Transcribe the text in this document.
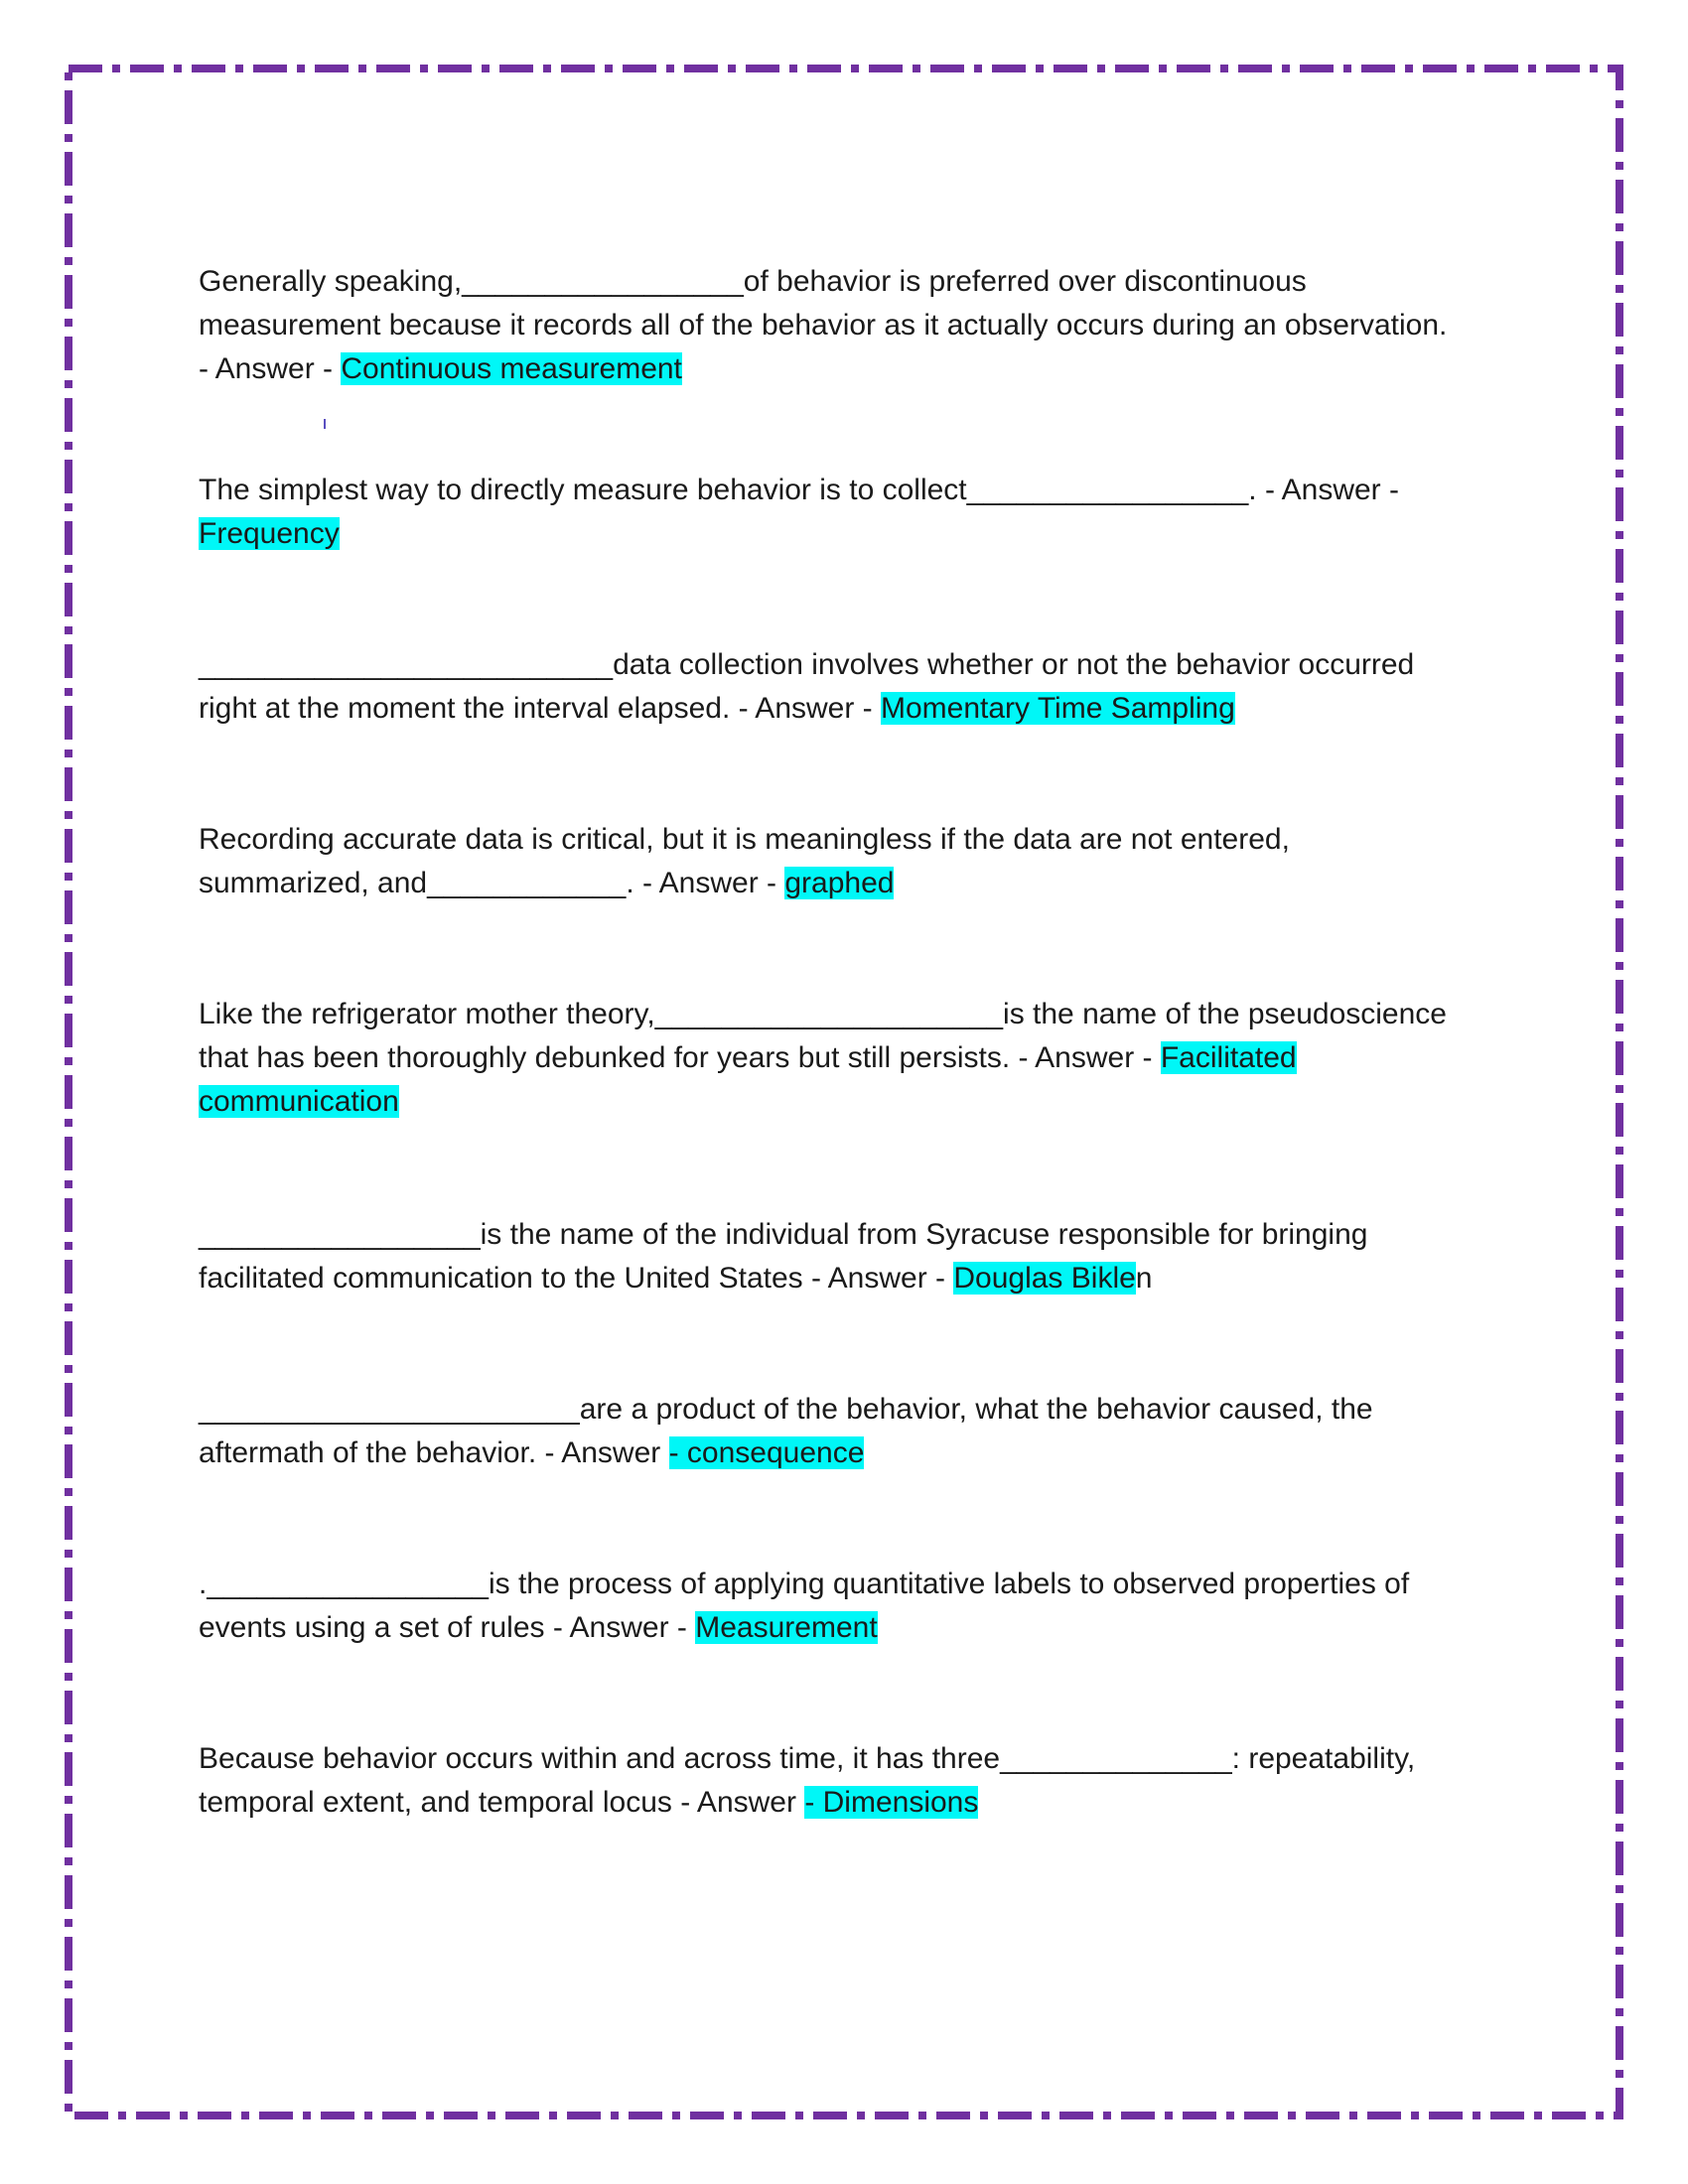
Generally speaking,_________________of behavior is preferred over discontinuous
measurement because it records all of the behavior as it actually occurs during an observation.
- Answer - Continuous measurement

The simplest way to directly measure behavior is to collect_________________. - Answer -
Frequency

_________________________data collection involves whether or not the behavior occurred
right at the moment the interval elapsed. - Answer - Momentary Time Sampling

Recording accurate data is critical, but it is meaningless if the data are not entered,
summarized, and____________. - Answer - graphed

Like the refrigerator mother theory,_____________________is the name of the pseudoscience
that has been thoroughly debunked for years but still persists. - Answer - Facilitated
communication

_________________is the name of the individual from Syracuse responsible for bringing
facilitated communication to the United States - Answer - Douglas Biklen

_______________________are a product of the behavior, what the behavior caused, the
aftermath of the behavior. - Answer - consequence

._________________is the process of applying quantitative labels to observed properties of
events using a set of rules - Answer - Measurement

Because behavior occurs within and across time, it has three______________: repeatability,
temporal extent, and temporal locus - Answer - Dimensions
